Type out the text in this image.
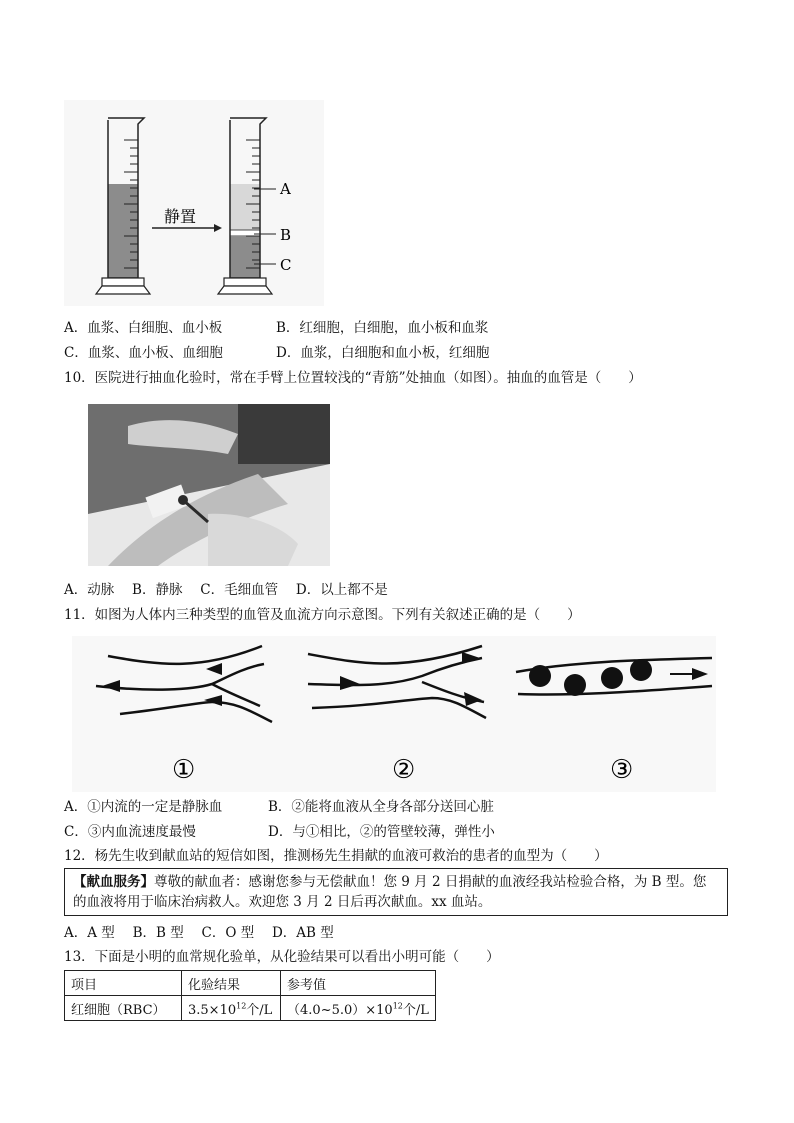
静置
A
B
C
A．血浆、白细胞、血小板	B．红细胞，白细胞，血小板和血浆
C．血浆、血小板、血细胞	D．血浆，白细胞和血小板，红细胞
10．医院进行抽血化验时，常在手臂上位置较浅的“青筋”处抽血（如图）。抽血的血管是（　　）
A．动脉　 B．静脉　 C．毛细血管　 D．以上都不是
11．如图为人体内三种类型的血管及血流方向示意图。下列有关叙述正确的是（　　）
①	②	③
A．①内流的一定是静脉血	B．②能将血液从全身各部分送回心脏
C．③内血流速度最慢	D．与①相比，②的管壁较薄，弹性小
12．杨先生收到献血站的短信如图，推测杨先生捐献的血液可救治的患者的血型为（　　）
【献血服务】尊敬的献血者：感谢您参与无偿献血！您 9 月 2 日捐献的血液经我站检验合格，为 B 型。您
的血液将用于临床治病救人。欢迎您 3 月 2 日后再次献血。xx 血站。
A．A 型　 B．B 型　 C．O 型　 D．AB 型
13．下面是小明的血常规化验单，从化验结果可以看出小明可能（　　）
项目	化验结果	参考值
红细胞（RBC）	$3.5\times 10^{12}$个/L	$(4.0\sim 5.0)\times 10^{12}$个/L
